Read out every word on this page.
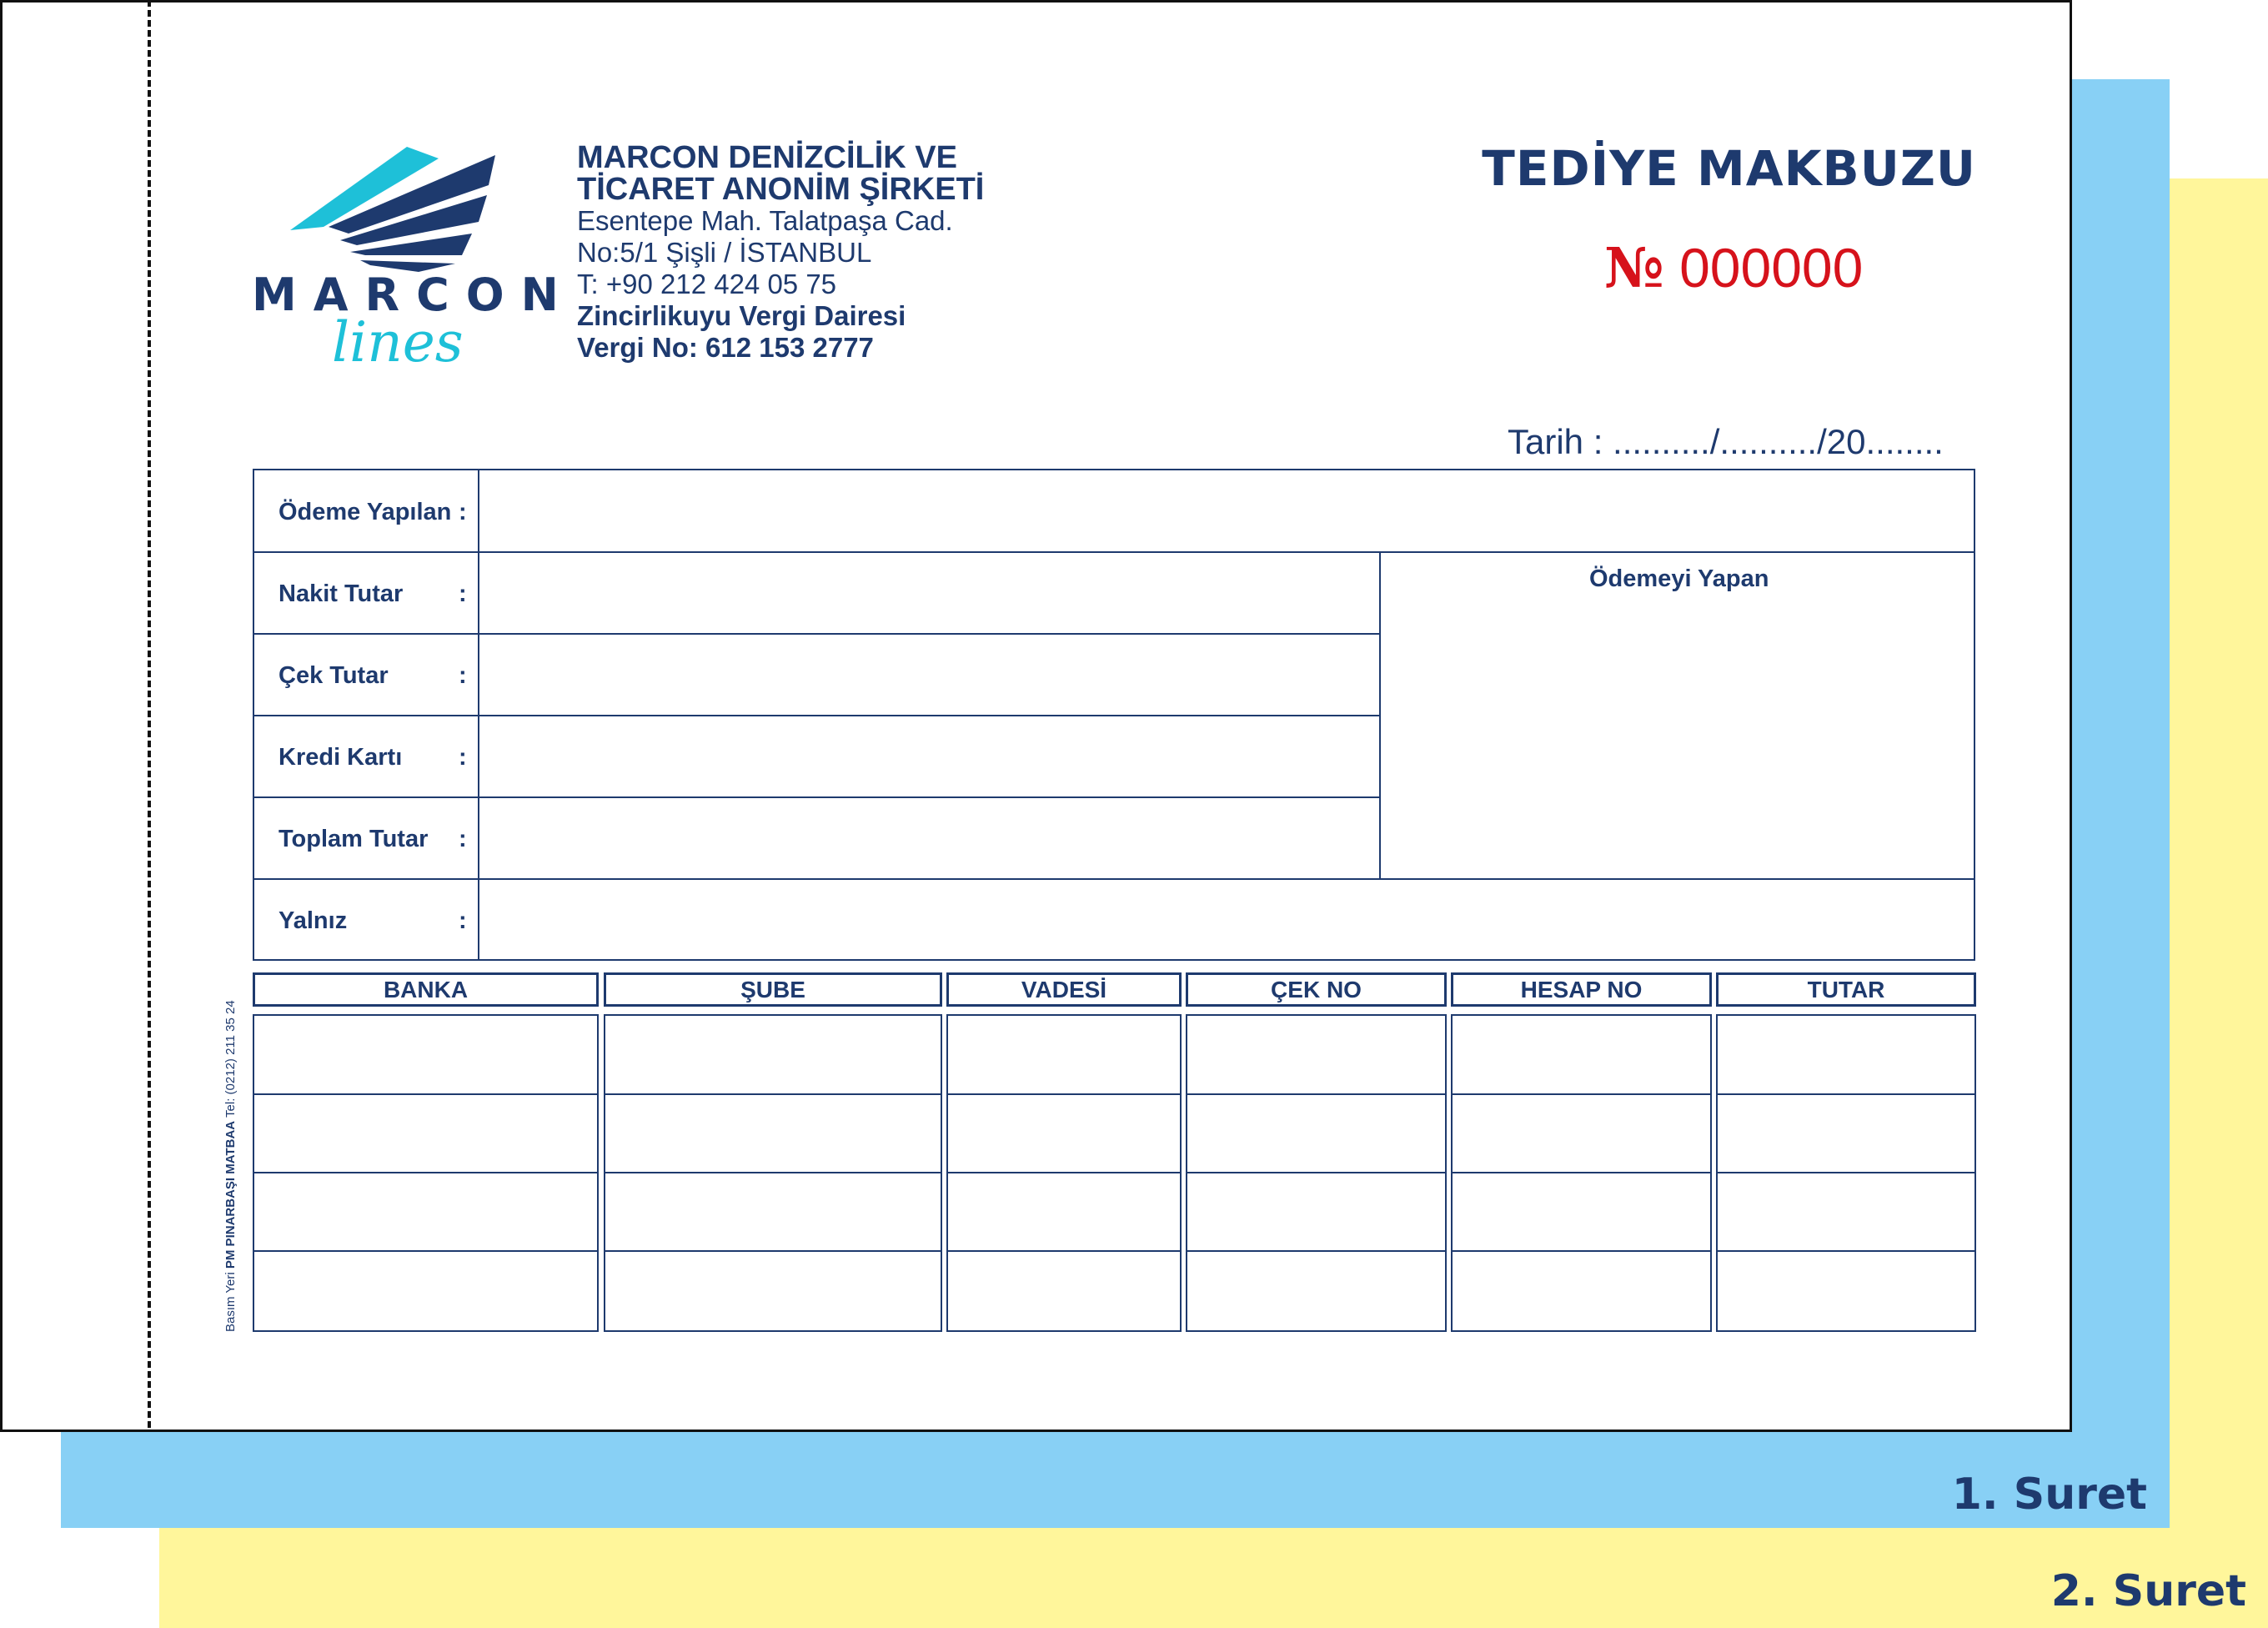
1. Suret
2. Suret
MARCON
lines
MARCON DENİZCİLİK VE
TİCARET ANONİM ŞİRKETİ
Esentepe Mah. Talatpaşa Cad.
No:5/1 Şişli / İSTANBUL
T: +90 212 424 05 75
Zincirlikuyu Vergi Dairesi
Vergi No: 612 153 2777
TEDİYE MAKBUZU
№ 000000
Tarih : ........../........../20........
Ödeme Yapılan :
Nakit Tutar :
Çek Tutar	:
Kredi Kartı :
Toplam Tutar :
Yalnız	:
Ödemeyi Yapan
BANKA	ŞUBE	VADESİ	ÇEK NO	HESAP NO	TUTAR
Basım Yeri PM PINARBAŞI MATBAA Tel: (0212) 211 35 24
